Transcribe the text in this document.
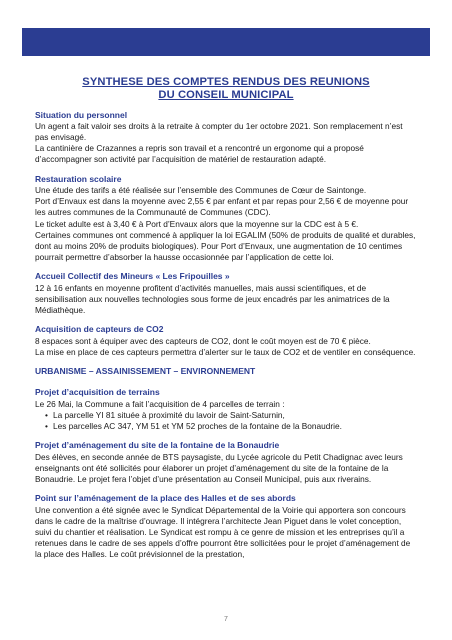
SYNTHESE DES COMPTES RENDUS DES REUNIONS
DU CONSEIL MUNICIPAL
Situation du personnel

Un agent a fait valoir ses droits à la retraite à compter du 1er octobre 2021. Son remplacement n’est pas envisagé.

La cantinière de Crazannes a repris son travail et a rencontré un ergonome qui a proposé d’accompagner son activité par l’acquisition de matériel de restauration adapté.

Restauration scolaire

Une étude des tarifs a été réalisée sur l’ensemble des Communes de Cœur de Saintonge.

Port d’Envaux est dans la moyenne avec 2,55 € par enfant et par repas pour 2,56 € de moyenne pour les autres communes de la Communauté de Communes (CDC).

Le ticket adulte est à 3,40 € à Port d’Envaux alors que la moyenne sur la CDC est à 5 €.

Certaines communes ont commencé à appliquer la loi EGALIM (50% de produits de qualité et durables, dont au moins 20% de produits biologiques). Pour Port d’Envaux, une augmentation de 10 centimes pourrait permettre d’absorber la hausse occasionnée par l’application de cette loi.

Accueil Collectif des Mineurs « Les Fripouilles »

12 à 16 enfants en moyenne profitent d’activités manuelles, mais aussi scientifiques, et de sensibilisation aux nouvelles technologies sous forme de jeux encadrés par les animatrices de la Médiathèque.

Acquisition de capteurs de CO2

8 espaces sont à équiper avec des capteurs de CO2, dont le coût moyen est de 70 € pièce.

La mise en place de ces capteurs permettra d’alerter sur le taux de CO2 et de ventiler en conséquence.

URBANISME – ASSAINISSEMENT – ENVIRONNEMENT
Projet d’acquisition de terrains

Le 26 Mai, la Commune a fait l’acquisition de 4 parcelles de terrain :

• La parcelle YI 81 située à proximité du lavoir de Saint-Saturnin,
• Les parcelles AC 347, YM 51 et YM 52 proches de la fontaine de la Bonaudrie.
Projet d’aménagement du site de la fontaine de la Bonaudrie

Des élèves, en seconde année de BTS paysagiste, du Lycée agricole du Petit Chadignac avec leurs enseignants ont été sollicités pour élaborer un projet d’aménagement du site de la fontaine de la Bonaudrie. Le projet fera l’objet d’une présentation au Conseil Municipal, puis aux riverains.

Point sur l’aménagement de la place des Halles et de ses abords

Une convention a été signée avec le Syndicat Départemental de la Voirie qui apportera son concours dans le cadre de la maîtrise d’ouvrage. Il intégrera l’architecte Jean Piguet dans le volet conception, suivi du chantier et réalisation. Le Syndicat est rompu à ce genre de mission et les entreprises qu’il a retenues dans le cadre de ses appels d’offre pourront être sollicitées pour le projet d’aménagement de la place des Halles. Le coût prévisionnel de la prestation,

7
